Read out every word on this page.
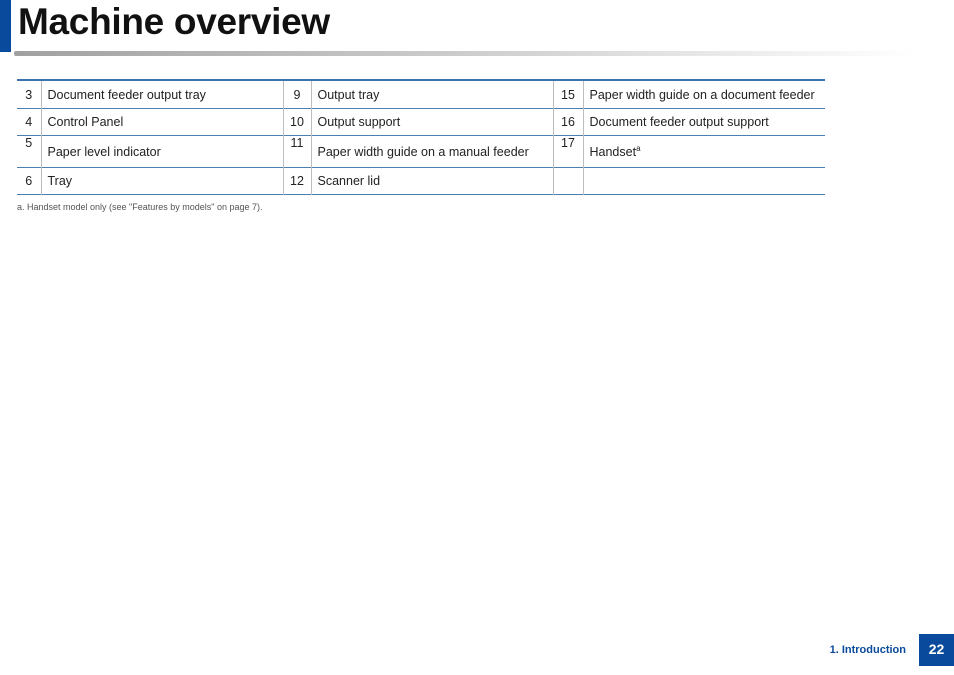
Machine overview
3	Document feeder output tray	9	Output tray	15	Paper width guide on a document feeder
4	Control Panel	10	Output support	16	Document feeder output support
5	Paper level indicator	11	Paper width guide on a manual feeder	17	Handset$^a$
6	Tray	12	Scanner lid		
a. Handset model only (see "Features by models" on page 7).
1. Introduction	22
